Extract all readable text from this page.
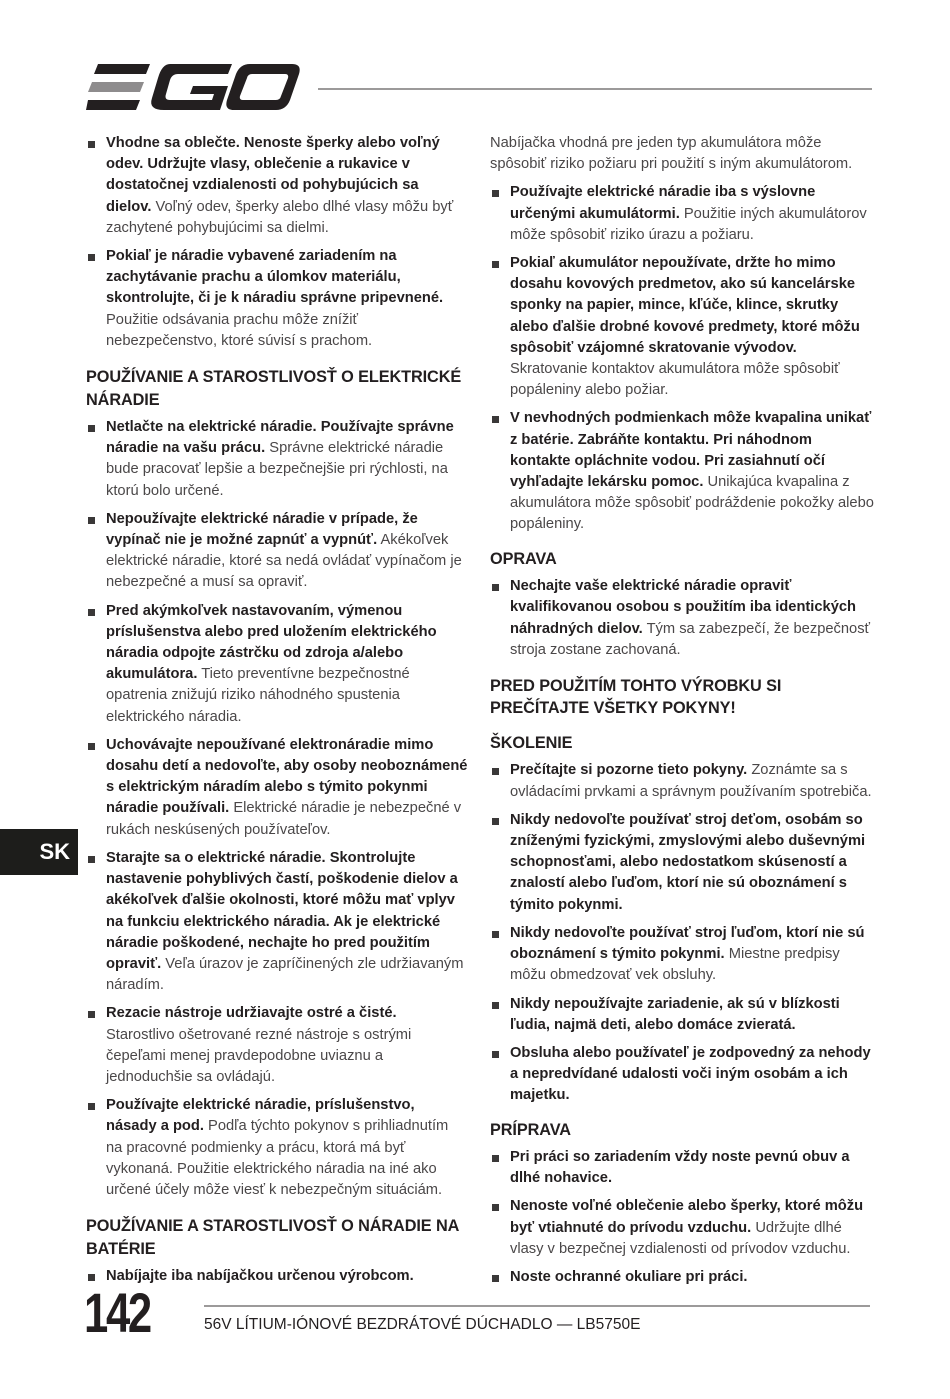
Vhodne sa oblečte. Nenoste šperky alebo voľný odev. Udržujte vlasy, oblečenie a rukavice v dostatočnej vzdialenosti od pohybujúcich sa dielov. Voľný odev, šperky alebo dlhé vlasy môžu byť zachytené pohybujúcimi sa dielmi.
Pokiaľ je náradie vybavené zariadením na zachytávanie prachu a úlomkov materiálu, skontrolujte, či je k náradiu správne pripevnené. Použitie odsávania prachu môže znížiť nebezpečenstvo, ktoré súvisí s prachom.
POUŽÍVANIE A STAROSTLIVOSŤ O ELEKTRICKÉ NÁRADIE
Netlačte na elektrické náradie. Používajte správne náradie na vašu prácu. Správne elektrické náradie bude pracovať lepšie a bezpečnejšie pri rýchlosti, na ktorú bolo určené.
Nepoužívajte elektrické náradie v prípade, že vypínač nie je možné zapnúť a vypnúť. Akékoľvek elektrické náradie, ktoré sa nedá ovládať vypínačom je nebezpečné a musí sa opraviť.
Pred akýmkoľvek nastavovaním, výmenou príslušenstva alebo pred uložením elektrického náradia odpojte zástrčku od zdroja a/alebo akumulátora. Tieto preventívne bezpečnostné opatrenia znižujú riziko náhodného spustenia elektrického náradia.
Uchovávajte nepoužívané elektronáradie mimo dosahu detí a nedovoľte, aby osoby neoboznámené s elektrickým náradím alebo s týmito pokynmi náradie používali. Elektrické náradie je nebezpečné v rukách neskúsených používateľov.
Starajte sa o elektrické náradie. Skontrolujte nastavenie pohyblivých častí, poškodenie dielov a akékoľvek ďalšie okolnosti, ktoré môžu mať vplyv na funkciu elektrického náradia. Ak je elektrické náradie poškodené, nechajte ho pred použitím opraviť. Veľa úrazov je zapríčinených zle udržiavaným náradím.
Rezacie nástroje udržiavajte ostré a čisté. Starostlivo ošetrované rezné nástroje s ostrými čepeľami menej pravdepodobne uviaznu a jednoduchšie sa ovládajú.
Používajte elektrické náradie, príslušenstvo, násady a pod. Podľa týchto pokynov s prihliadnutím na pracovné podmienky a prácu, ktorá má byť vykonaná. Použitie elektrického náradia na iné ako určené účely môže viesť k nebezpečným situáciám.
POUŽÍVANIE A STAROSTLIVOSŤ O NÁRADIE NA BATÉRIE
Nabíjajte iba nabíjačkou určenou výrobcom.
Nabíjačka vhodná pre jeden typ akumulátora môže spôsobiť riziko požiaru pri použití s iným akumulátorom.
Používajte elektrické náradie iba s výslovne určenými akumulátormi. Použitie iných akumulátorov môže spôsobiť riziko úrazu a požiaru.
Pokiaľ akumulátor nepoužívate, držte ho mimo dosahu kovových predmetov, ako sú kancelárske sponky na papier, mince, kľúče, klince, skrutky alebo ďalšie drobné kovové predmety, ktoré môžu spôsobiť vzájomné skratovanie vývodov. Skratovanie kontaktov akumulátora môže spôsobiť popáleniny alebo požiar.
V nevhodných podmienkach môže kvapalina unikať z batérie. Zabráňte kontaktu. Pri náhodnom kontakte opláchnite vodou. Pri zasiahnutí očí vyhľadajte lekársku pomoc. Unikajúca kvapalina z akumulátora môže spôsobiť podráždenie pokožky alebo popáleniny.
OPRAVA
Nechajte vaše elektrické náradie opraviť kvalifikovanou osobou s použitím iba identických náhradných dielov. Tým sa zabezpečí, že bezpečnosť stroja zostane zachovaná.
PRED POUŽITÍM TOHTO VÝROBKU SI PREČÍTAJTE VŠETKY POKYNY!
ŠKOLENIE
Prečítajte si pozorne tieto pokyny. Zoznámte sa s ovládacími prvkami a správnym používaním spotrebiča.
Nikdy nedovoľte používať stroj deťom, osobám so zníženými fyzickými, zmyslovými alebo duševnými schopnosťami, alebo nedostatkom skúseností a znalostí alebo ľuďom, ktorí nie sú oboznámení s týmito pokynmi.
Nikdy nedovoľte používať stroj ľuďom, ktorí nie sú oboznámení s týmito pokynmi. Miestne predpisy môžu obmedzovať vek obsluhy.
Nikdy nepoužívajte zariadenie, ak sú v blízkosti ľudia, najmä deti, alebo domáce zvieratá.
Obsluha alebo používateľ je zodpovedný za nehody a nepredvídané udalosti voči iným osobám a ich majetku.
PRÍPRAVA
Pri práci so zariadením vždy noste pevnú obuv a dlhé nohavice.
Nenoste voľné oblečenie alebo šperky, ktoré môžu byť vtiahnuté do prívodu vzduchu. Udržujte dlhé vlasy v bezpečnej vzdialenosti od prívodov vzduchu.
Noste ochranné okuliare pri práci.
SK
142	56V LÍTIUM-IÓNOVÉ BEZDRÁTOVÉ DÚCHADLO — LB5750E
